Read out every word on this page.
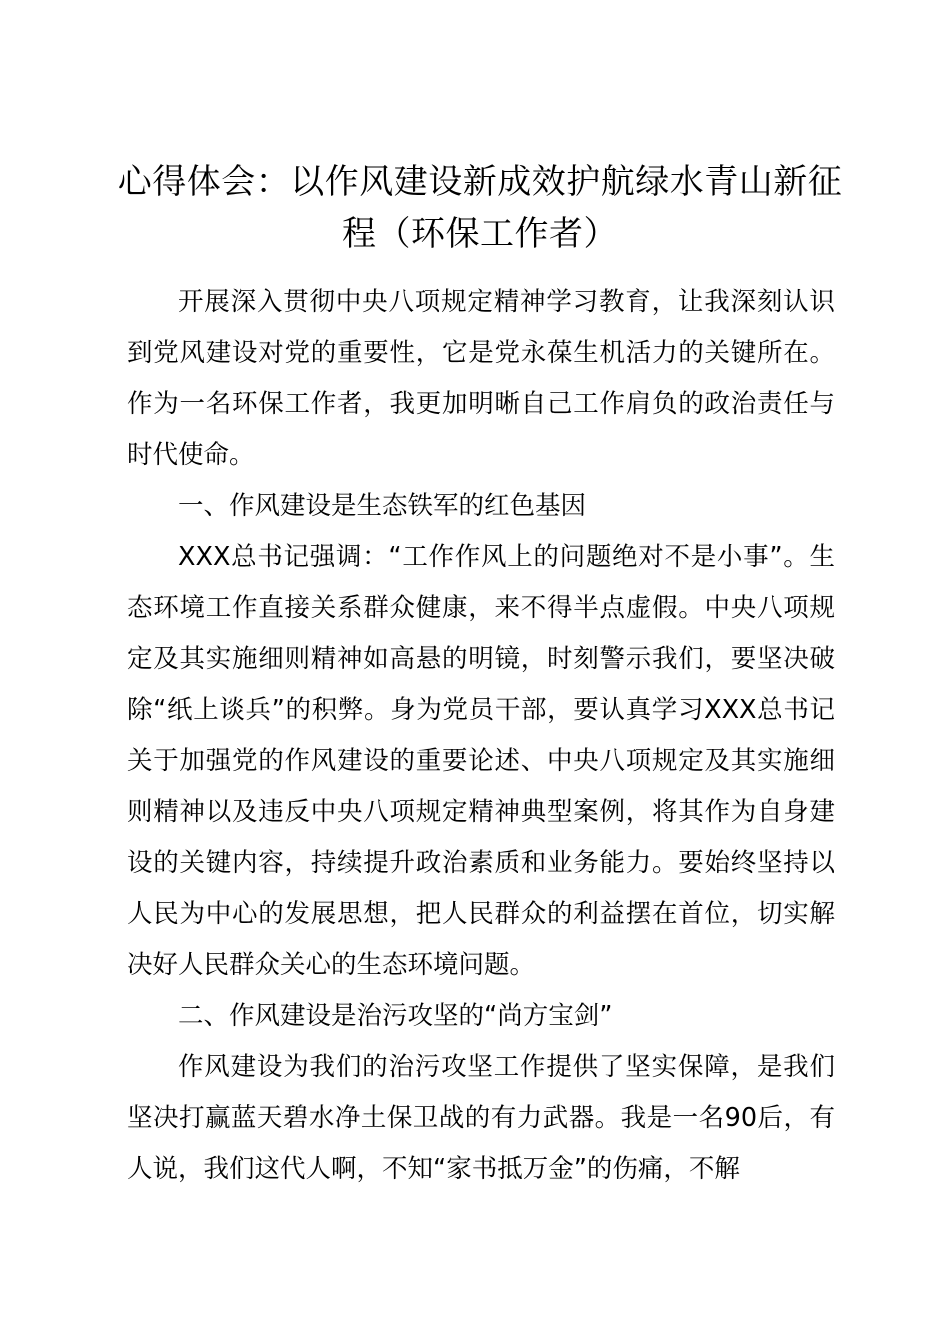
心得体会：以作风建设新成效护航绿水青山新征程（环保工作者）

开展深入贯彻中央八项规定精神学习教育，让我深刻认识到党风建设对党的重要性，它是党永葆生机活力的关键所在。作为一名环保工作者，我更加明晰自己工作肩负的政治责任与时代使命。

一、作风建设是生态铁军的红色基因

XXX总书记强调：“工作作风上的问题绝对不是小事”。生态环境工作直接关系群众健康，来不得半点虚假。中央八项规定及其实施细则精神如高悬的明镜，时刻警示我们，要坚决破除“纸上谈兵”的积弊。身为党员干部，要认真学习XXX总书记关于加强党的作风建设的重要论述、中央八项规定及其实施细则精神以及违反中央八项规定精神典型案例，将其作为自身建设的关键内容，持续提升政治素质和业务能力。要始终坚持以人民为中心的发展思想，把人民群众的利益摆在首位，切实解决好人民群众关心的生态环境问题。

二、作风建设是治污攻坚的“尚方宝剑”

作风建设为我们的治污攻坚工作提供了坚实保障，是我们坚决打赢蓝天碧水净土保卫战的有力武器。我是一名90后，有人说，我们这代人啊，不知“家书抵万金”的伤痛，不解
